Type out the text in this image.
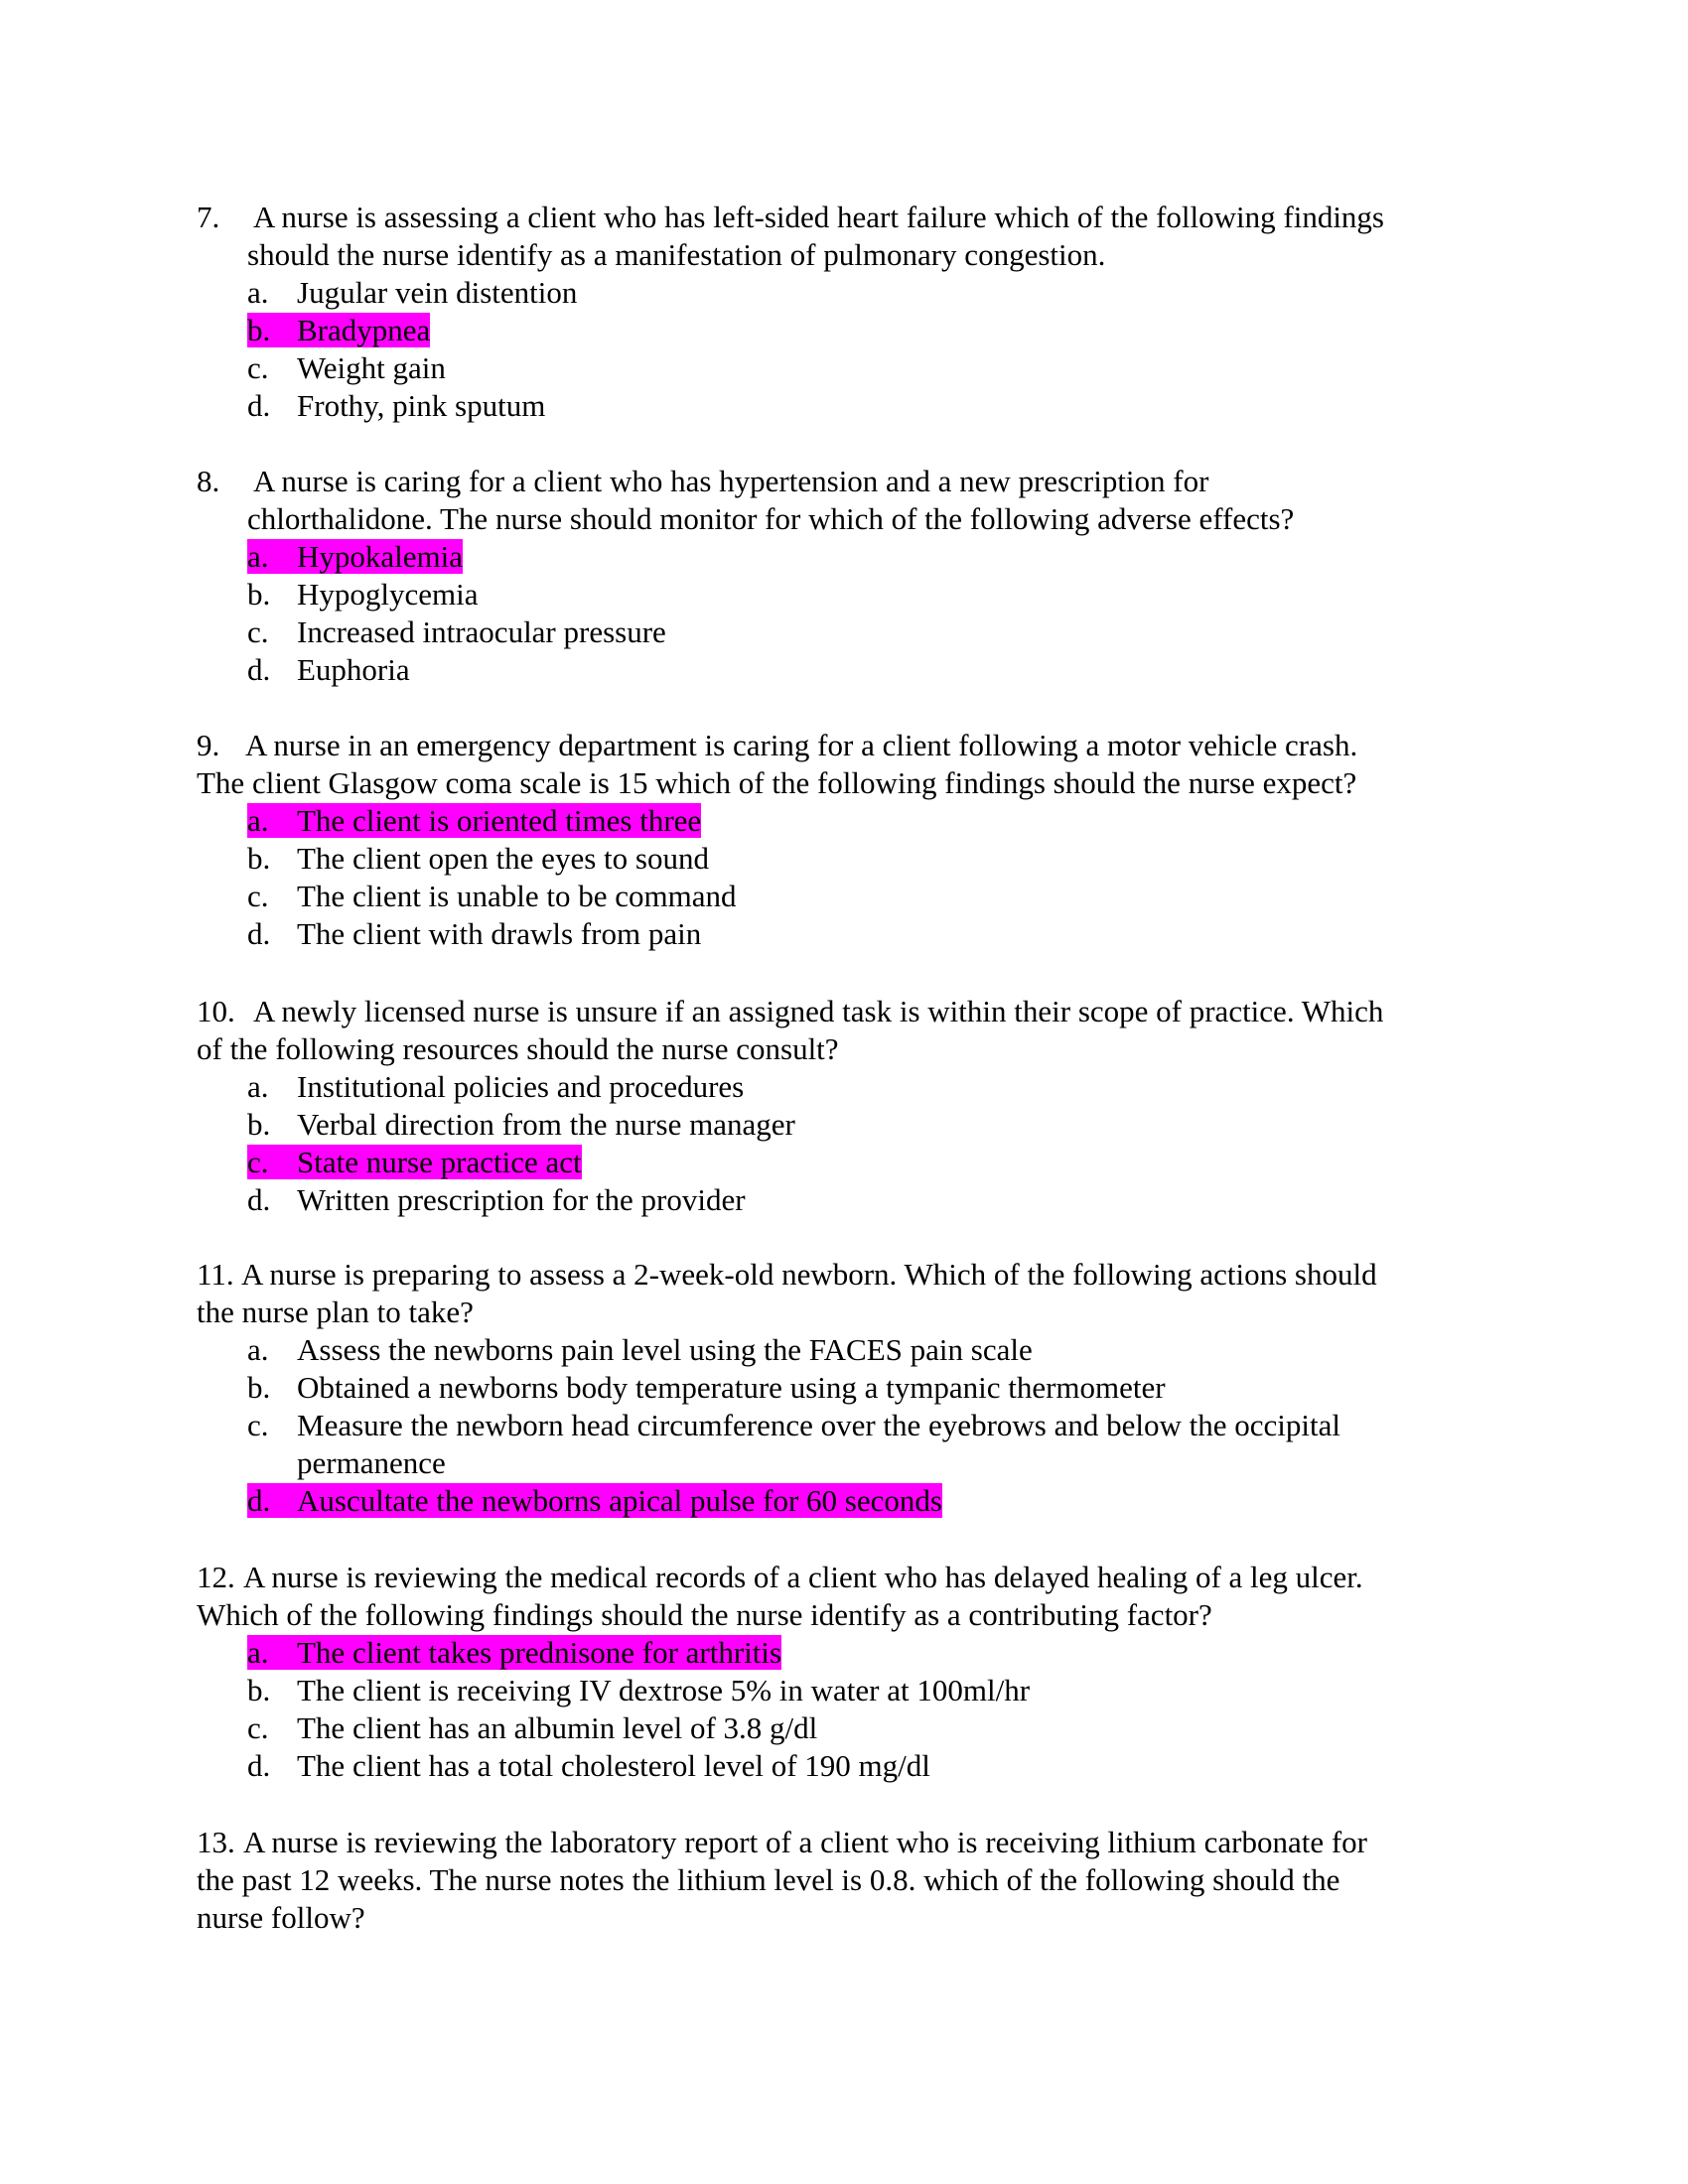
7. A nurse is assessing a client who has left-sided heart failure which of the following findings
should the nurse identify as a manifestation of pulmonary congestion.
a. Jugular vein distention
b. Bradypnea
c. Weight gain
d. Frothy, pink sputum
8. A nurse is caring for a client who has hypertension and a new prescription for
chlorthalidone. The nurse should monitor for which of the following adverse effects?
a. Hypokalemia
b. Hypoglycemia
c. Increased intraocular pressure
d. Euphoria
9. A nurse in an emergency department is caring for a client following a motor vehicle crash.
The client Glasgow coma scale is 15 which of the following findings should the nurse expect?
a. The client is oriented times three
b. The client open the eyes to sound
c. The client is unable to be command
d. The client with drawls from pain
10. A newly licensed nurse is unsure if an assigned task is within their scope of practice. Which
of the following resources should the nurse consult?
a. Institutional policies and procedures
b. Verbal direction from the nurse manager
c. State nurse practice act
d. Written prescription for the provider
11. A nurse is preparing to assess a 2-week-old newborn. Which of the following actions should
the nurse plan to take?
a. Assess the newborns pain level using the FACES pain scale
b. Obtained a newborns body temperature using a tympanic thermometer
c. Measure the newborn head circumference over the eyebrows and below the occipital
permanence
d. Auscultate the newborns apical pulse for 60 seconds
12. A nurse is reviewing the medical records of a client who has delayed healing of a leg ulcer.
Which of the following findings should the nurse identify as a contributing factor?
a. The client takes prednisone for arthritis
b. The client is receiving IV dextrose 5% in water at 100ml/hr
c. The client has an albumin level of 3.8 g/dl
d. The client has a total cholesterol level of 190 mg/dl
13. A nurse is reviewing the laboratory report of a client who is receiving lithium carbonate for
the past 12 weeks. The nurse notes the lithium level is 0.8. which of the following should the
nurse follow?
